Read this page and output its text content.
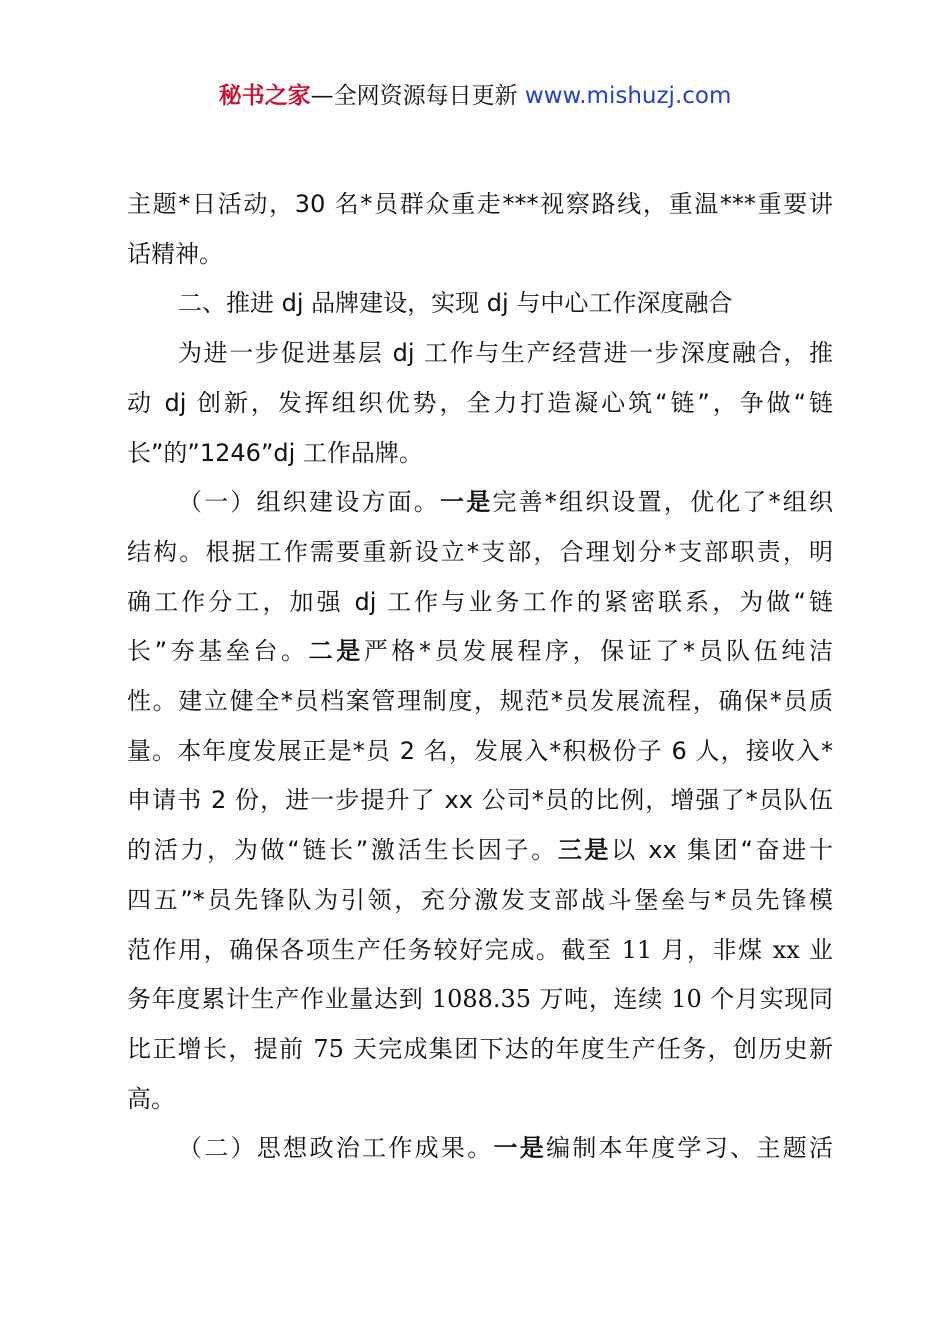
秘书之家—全网资源每日更新 www.mishuzj.com

主题*日活动，30 名*员群众重走***视察路线，重温***重要讲
话精神。

二、推进 dj 品牌建设，实现 dj 与中心工作深度融合

为进一步促进基层 dj 工作与生产经营进一步深度融合，推
动 dj 创新，发挥组织优势，全力打造凝心筑“链”，争做“链
长”的”1246”dj 工作品牌。

（一）组织建设方面。一是完善*组织设置，优化了*组织
结构。根据工作需要重新设立*支部，合理划分*支部职责，明
确工作分工，加强 dj 工作与业务工作的紧密联系，为做“链
长”夯基垒台。二是严格*员发展程序，保证了*员队伍纯洁
性。建立健全*员档案管理制度，规范*员发展流程，确保*员质
量。本年度发展正是*员 2 名，发展入*积极份子 6 人，接收入*
申请书 2 份，进一步提升了 xx 公司*员的比例，增强了*员队伍
的活力，为做“链长”激活生长因子。三是以 xx 集团“奋进十
四五”*员先锋队为引领，充分激发支部战斗堡垒与*员先锋模
范作用，确保各项生产任务较好完成。截至 11 月，非煤 xx 业
务年度累计生产作业量达到 1088.35 万吨，连续 10 个月实现同
比正增长，提前 75 天完成集团下达的年度生产任务，创历史新
高。

（二）思想政治工作成果。一是编制本年度学习、主题活
